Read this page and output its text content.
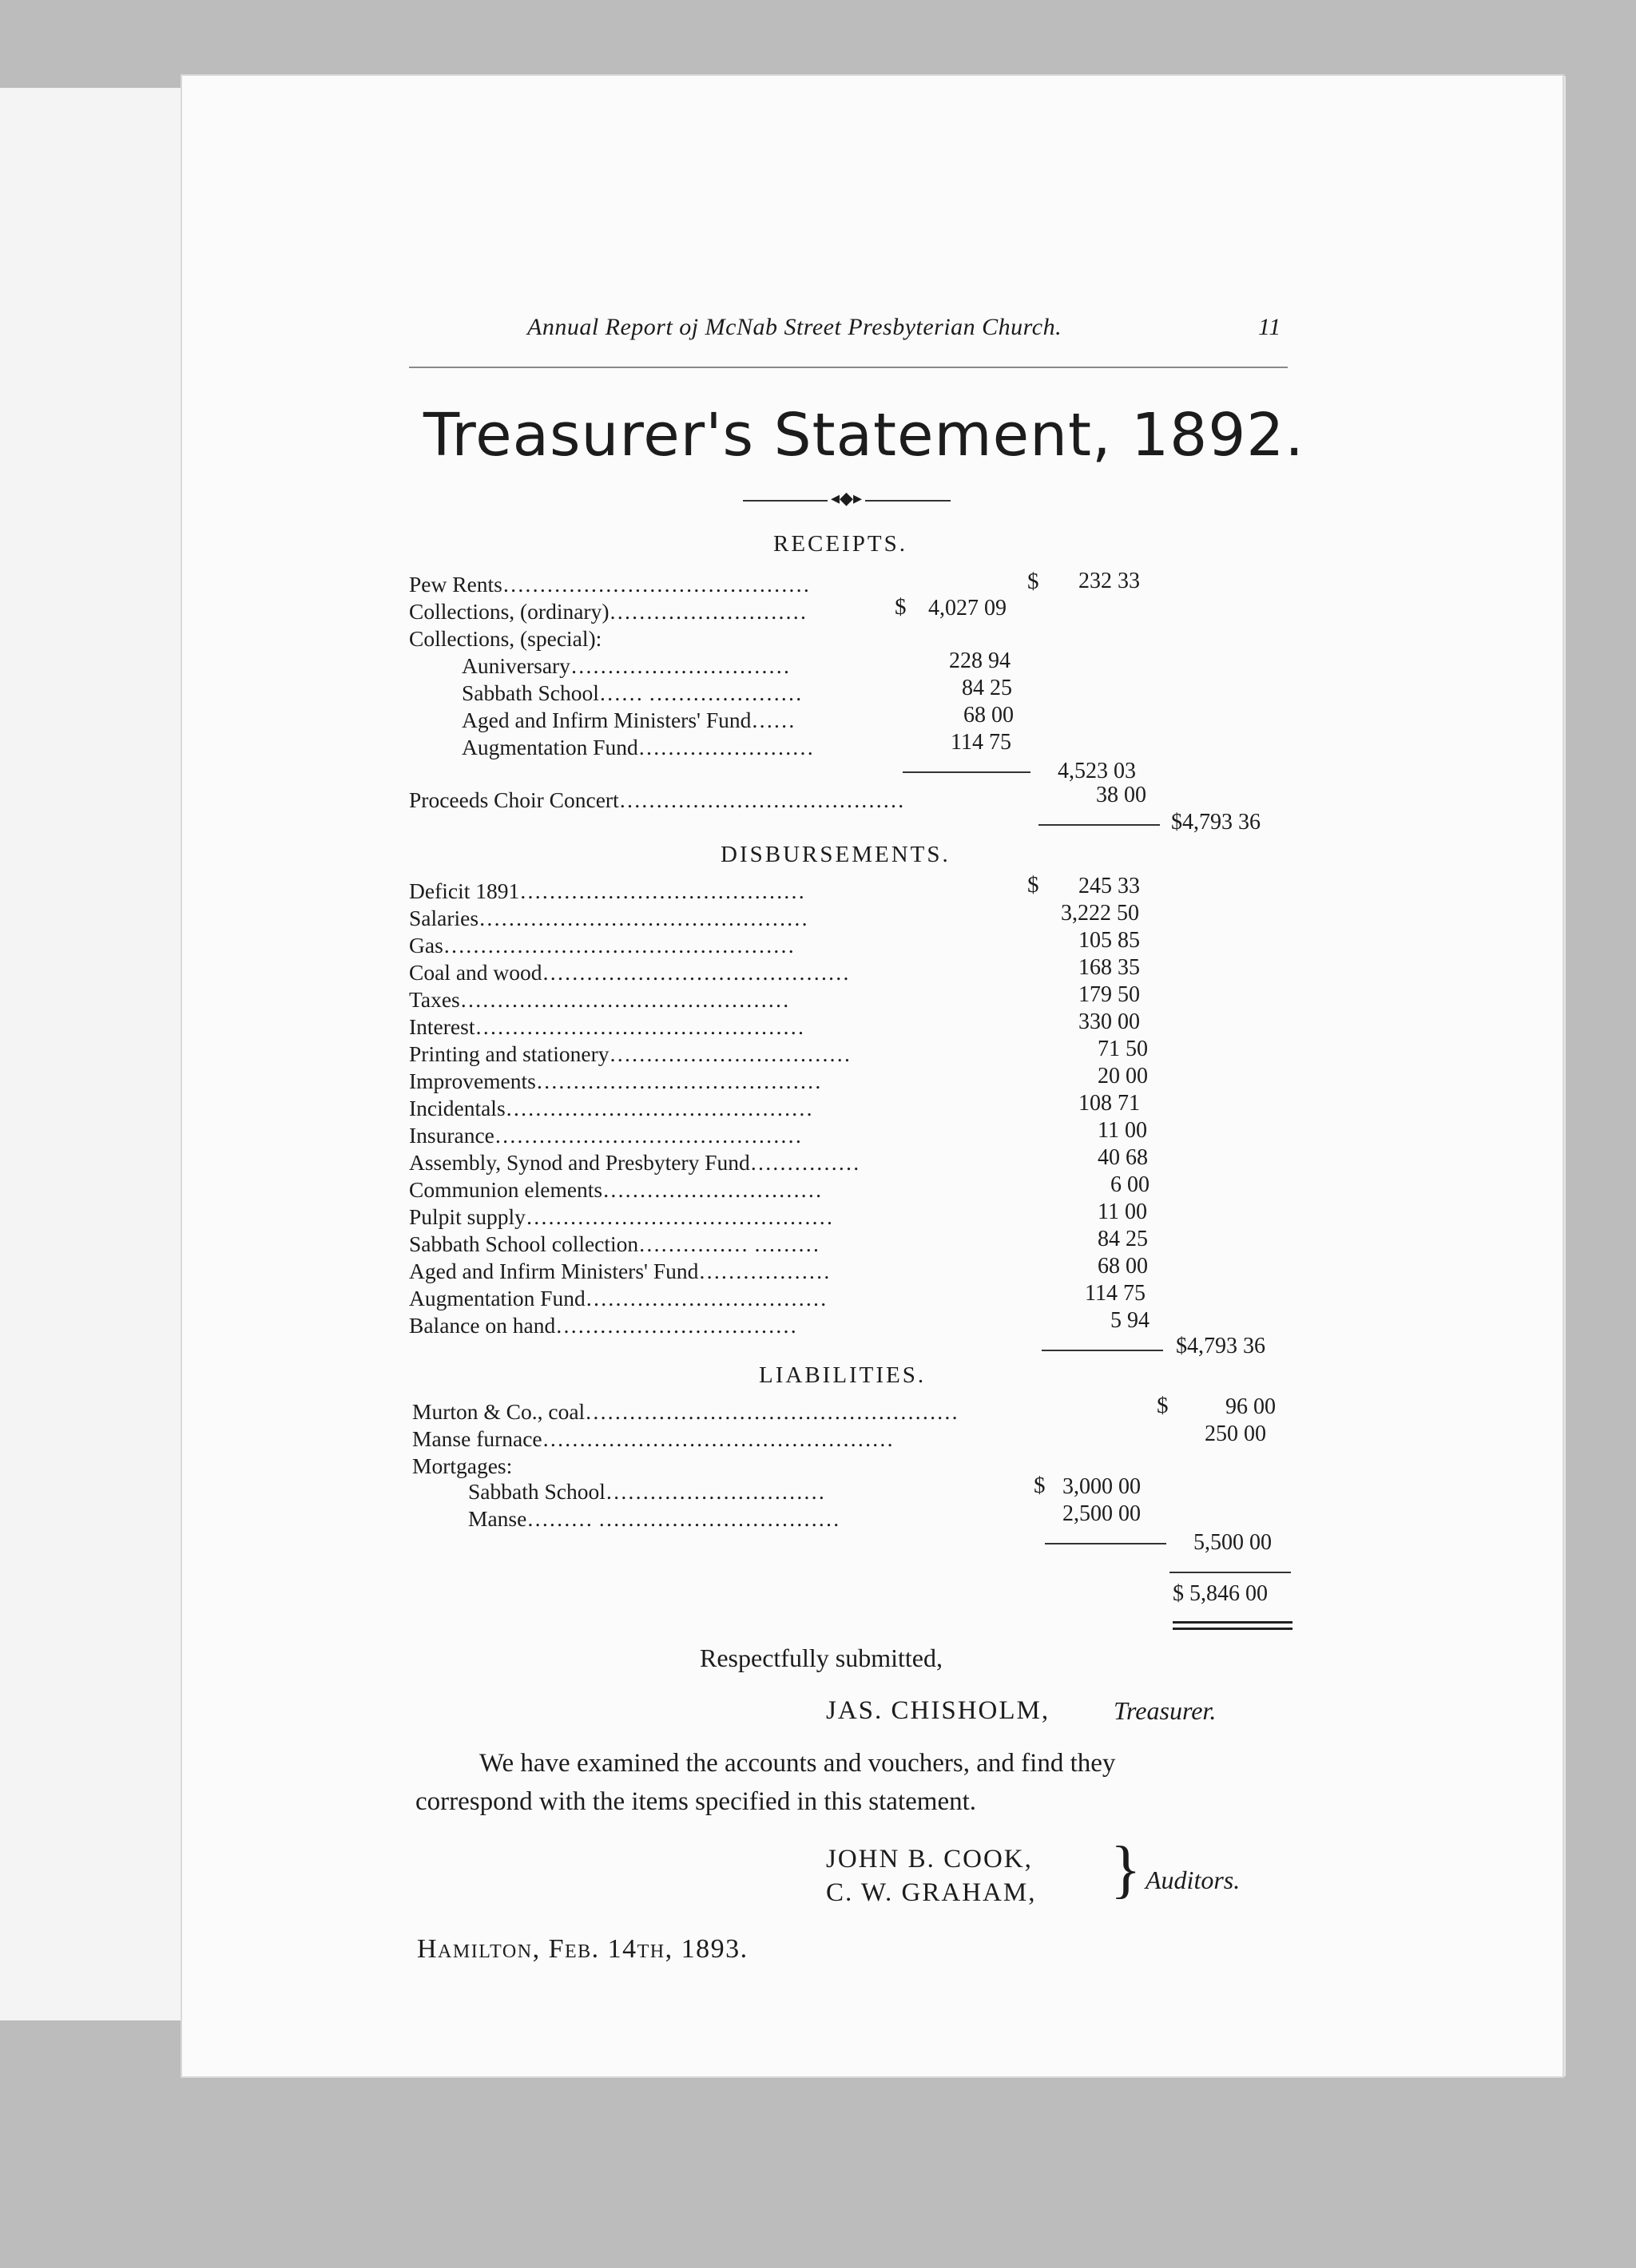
Annual Report oj McNab Street Presbyterian Church.	11
Treasurer's Statement, 1892.
◂◆▸
RECEIPTS.
Pew Rents……………………………………	$ 232 33
Collections, (ordinary)………………………	$ 4,027 09
Collections, (special):
Auniversary…………………………	228 94
Sabbath School…… …………………	84 25
Aged and Infirm Ministers' Fund……	68 00
Augmentation Fund……………………	114 75
4,523 03
Proceeds Choir Concert…………………………………	38 00
$4,793 36
DISBURSEMENTS.
Deficit 1891…………………………………	$ 245 33
Salaries………………………………………	3,222 50
Gas…………………………………………	105 85
Coal and wood……………………………………	168 35
Taxes………………………………………	179 50
Interest………………………………………	330 00
Printing and stationery……………………………	71 50
Improvements…………………………………	20 00
Incidentals……………………………………	108 71
Insurance……………………………………	11 00
Assembly, Synod and Presbytery Fund……………	40 68
Communion elements…………………………	6 00
Pulpit supply……………………………………	11 00
Sabbath School collection…………… ………	84 25
Aged and Infirm Ministers' Fund………………	68 00
Augmentation Fund……………………………	114 75
Balance on hand……………………………	5 94
$4,793 36
LIABILITIES.
Murton & Co., coal……………………………………………	$	96 00
Manse furnace…………………………………………	250 00
Mortgages:
Sabbath School…………………………	$ 3,000 00
Manse……… ……………………………	2,500 00
5,500 00
$ 5,846 00
Respectfully submitted,
JAS. CHISHOLM, Treasurer.
We have examined the accounts and vouchers, and find they
correspond with the items specified in this statement.
JOHN B. COOK,
C. W. GRAHAM, } Auditors.
Hamilton, Feb. 14th, 1893.
